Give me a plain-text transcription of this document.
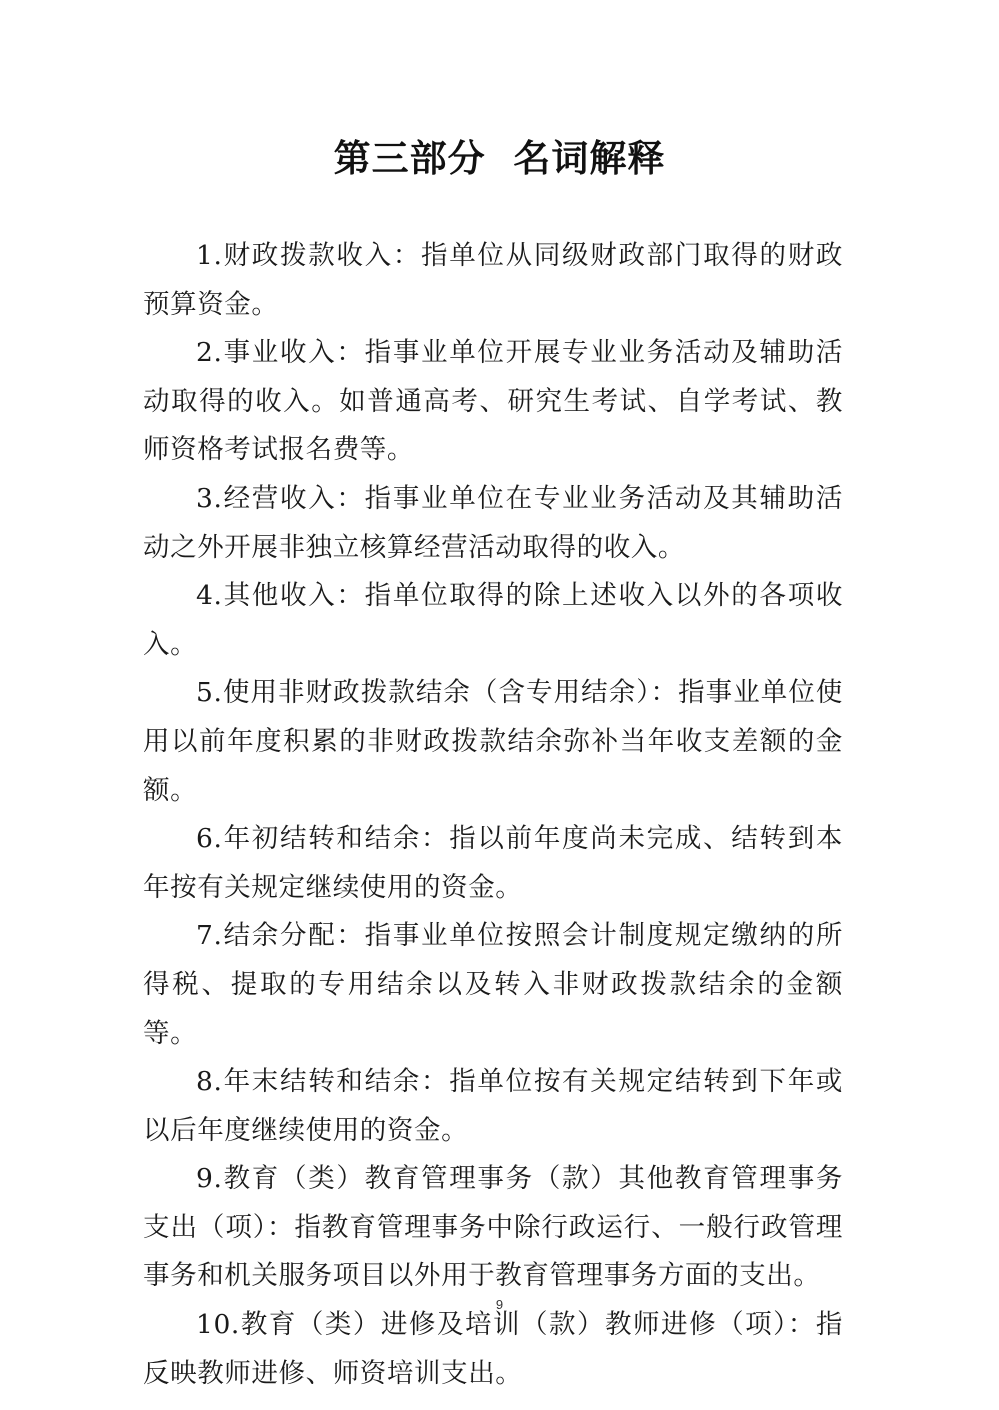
第三部分  名词解释

1.财政拨款收入：指单位从同级财政部门取得的财政预算资金。

2.事业收入：指事业单位开展专业业务活动及辅助活动取得的收入。如普通高考、研究生考试、自学考试、教师资格考试报名费等。

3.经营收入：指事业单位在专业业务活动及其辅助活动之外开展非独立核算经营活动取得的收入。

4.其他收入：指单位取得的除上述收入以外的各项收入。

5.使用非财政拨款结余（含专用结余）：指事业单位使用以前年度积累的非财政拨款结余弥补当年收支差额的金额。

6.年初结转和结余：指以前年度尚未完成、结转到本年按有关规定继续使用的资金。

7.结余分配：指事业单位按照会计制度规定缴纳的所得税、提取的专用结余以及转入非财政拨款结余的金额等。

8.年末结转和结余：指单位按有关规定结转到下年或以后年度继续使用的资金。

9.教育（类）教育管理事务（款）其他教育管理事务支出（项）：指教育管理事务中除行政运行、一般行政管理事务和机关服务项目以外用于教育管理事务方面的支出。

10.教育（类）进修及培训（款）教师进修（项）：指反映教师进修、师资培训支出。

9
